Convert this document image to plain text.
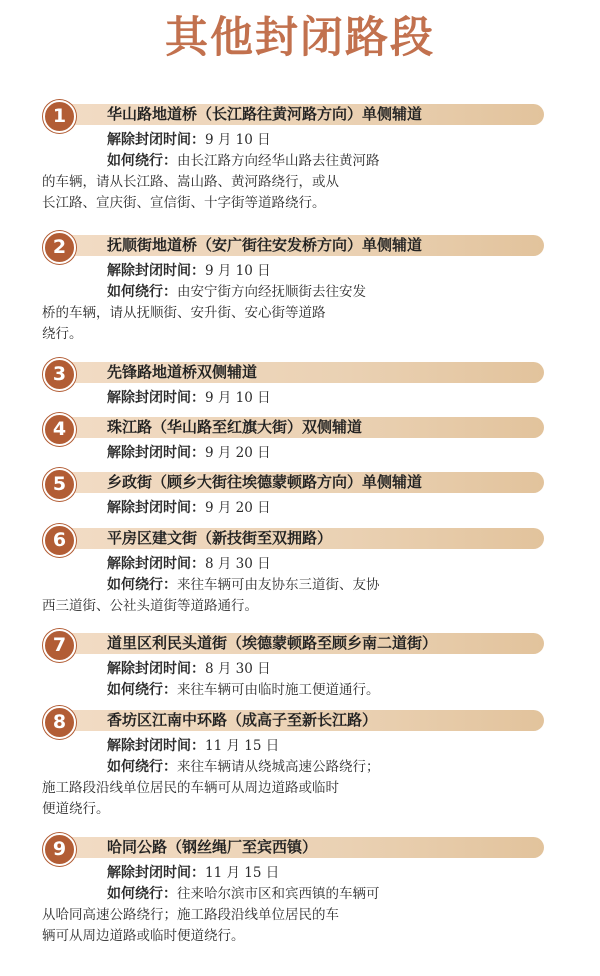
其他封闭路段
华山路地道桥（长江路往黄河路方向）单侧辅道
1
解除封闭时间：9 月 10 日
如何绕行：由长江路方向经华山路去往黄河路
的车辆，请从长江路、嵩山路、黄河路绕行，或从
长江路、宣庆街、宣信街、十字街等道路绕行。
抚顺街地道桥（安广街往安发桥方向）单侧辅道
2
解除封闭时间：9 月 10 日
如何绕行：由安宁街方向经抚顺街去往安发
桥的车辆，请从抚顺街、安升街、安心街等道路
绕行。
先锋路地道桥双侧辅道
3
解除封闭时间：9 月 10 日
珠江路（华山路至红旗大街）双侧辅道
4
解除封闭时间：9 月 20 日
乡政街（顾乡大街往埃德蒙顿路方向）单侧辅道
5
解除封闭时间：9 月 20 日
平房区建文街（新技街至双拥路）
6
解除封闭时间：8 月 30 日
如何绕行：来往车辆可由友协东三道街、友协
西三道街、公社头道街等道路通行。
道里区利民头道街（埃德蒙顿路至顾乡南二道街）
7
解除封闭时间：8 月 30 日
如何绕行：来往车辆可由临时施工便道通行。
香坊区江南中环路（成高子至新长江路）
8
解除封闭时间：11 月 15 日
如何绕行：来往车辆请从绕城高速公路绕行；
施工路段沿线单位居民的车辆可从周边道路或临时
便道绕行。
哈同公路（钢丝绳厂至宾西镇）
9
解除封闭时间：11 月 15 日
如何绕行：往来哈尔滨市区和宾西镇的车辆可
从哈同高速公路绕行；施工路段沿线单位居民的车
辆可从周边道路或临时便道绕行。
